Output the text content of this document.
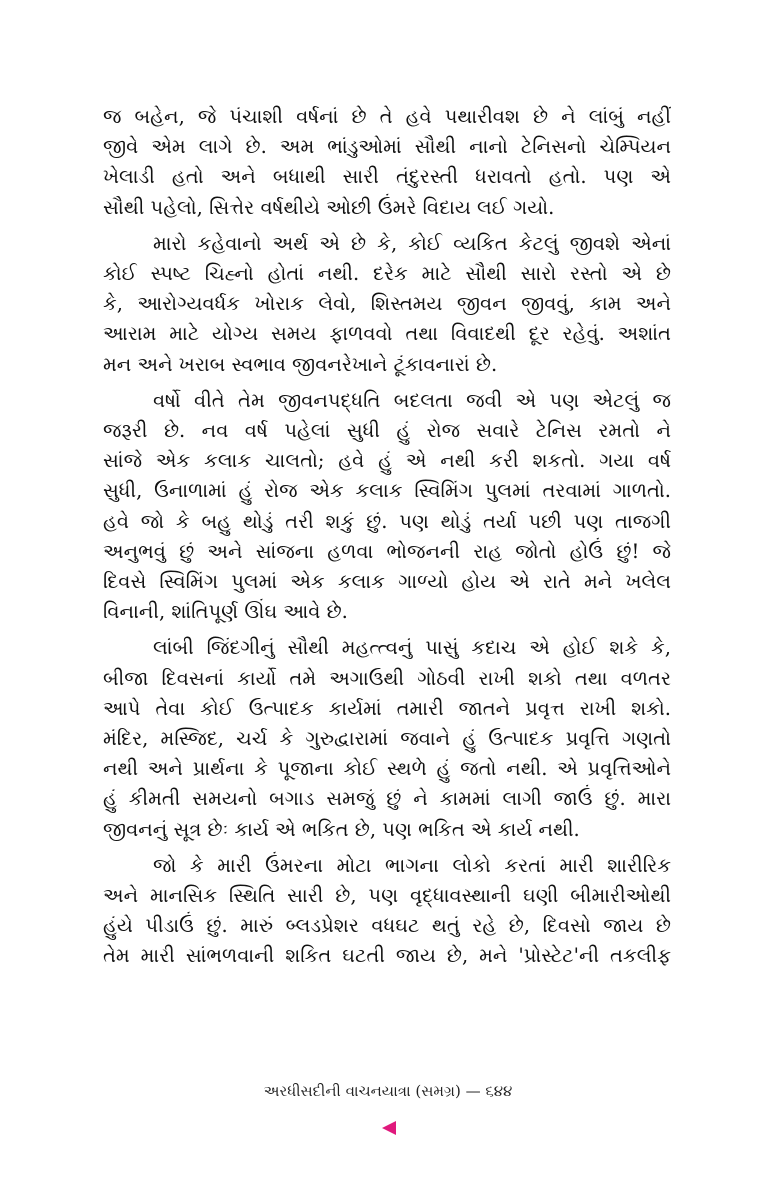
જ બહેન, જે પંચાશી વર્ષનાં છે તે હવે પથારીવશ છે ને લાંબું નહીં
જીવે એમ લાગે છે. અમ ભાંડુઓમાં સૌથી નાનો ટેનિસનો ચેમ્પિયન
ખેલાડી હતો અને બધાથી સારી તંદુરસ્તી ધરાવતો હતો. પણ એ
સૌથી પહેલો, સિત્તેર વર્ષથીયે ઓછી ઉંમરે વિદાય લઈ ગયો.

મારો કહેવાનો અર્થ એ છે કે, કોઈ વ્યકિત કેટલું જીવશે એનાં
કોઈ સ્પષ્ટ ચિહ્નો હોતાં નથી. દરેક માટે સૌથી સારો રસ્તો એ છે
કે, આરોગ્યવર્ધક ખોરાક લેવો, શિસ્તમય જીવન જીવવું, કામ અને
આરામ માટે યોગ્ય સમય ફાળવવો તથા વિવાદથી દૂર રહેવું. અશાંત
મન અને ખરાબ સ્વભાવ જીવનરેખાને ટૂંકાવનારાં છે.

વર્ષો વીતે તેમ જીવનપદ્ધતિ બદલતા જવી એ પણ એટલું જ
જરૂરી છે. નવ વર્ષ પહેલાં સુધી હું રોજ સવારે ટેનિસ રમતો ને
સાંજે એક કલાક ચાલતો; હવે હું એ નથી કરી શકતો. ગયા વર્ષ
સુધી, ઉનાળામાં હું રોજ એક કલાક સ્વિમિંગ પુલમાં તરવામાં ગાળતો.
હવે જો કે બહુ થોડું તરી શકું છું. પણ થોડું તર્યા પછી પણ તાજગી
અનુભવું છું અને સાંજના હળવા ભોજનની રાહ જોતો હોઉં છું! જે
દિવસે સ્વિમિંગ પુલમાં એક કલાક ગાળ્યો હોય એ રાતે મને ખલેલ
વિનાની, શાંતિપૂર્ણ ઊંઘ આવે છે.

લાંબી જિંદગીનું સૌથી મહત્ત્વનું પાસું કદાચ એ હોઈ શકે કે,
બીજા દિવસનાં કાર્યો તમે અગાઉથી ગોઠવી રાખી શકો તથા વળતર
આપે તેવા કોઈ ઉત્પાદક કાર્યમાં તમારી જાતને પ્રવૃત્ત રાખી શકો.
મંદિર, મસ્જિદ, ચર્ચ કે ગુરુદ્વારામાં જવાને હું ઉત્પાદક પ્રવૃત્તિ ગણતો
નથી અને પ્રાર્થના કે પૂજાના કોઈ સ્થળે હું જતો નથી. એ પ્રવૃત્તિઓને
હું કીમતી સમયનો બગાડ સમજું છું ને કામમાં લાગી જાઉં છું. મારા
જીવનનું સૂત્ર છેઃ કાર્ય એ ભકિત છે, પણ ભકિત એ કાર્ય નથી.

જો કે મારી ઉંમરના મોટા ભાગના લોકો કરતાં મારી શારીરિક
અને માનસિક સ્થિતિ સારી છે, પણ વૃદ્ધાવસ્થાની ઘણી બીમારીઓથી
હુંયે પીડાઉં છું. મારું બ્લડપ્રેશર વધઘટ થતું રહે છે, દિવસો જાય છે
તેમ મારી સાંભળવાની શકિત ઘટતી જાય છે, મને 'પ્રોસ્ટેટ'ની તકલીફ

અરધીસદીની વાચનયાત્રા (સમગ્ર) — ૬૪૪
